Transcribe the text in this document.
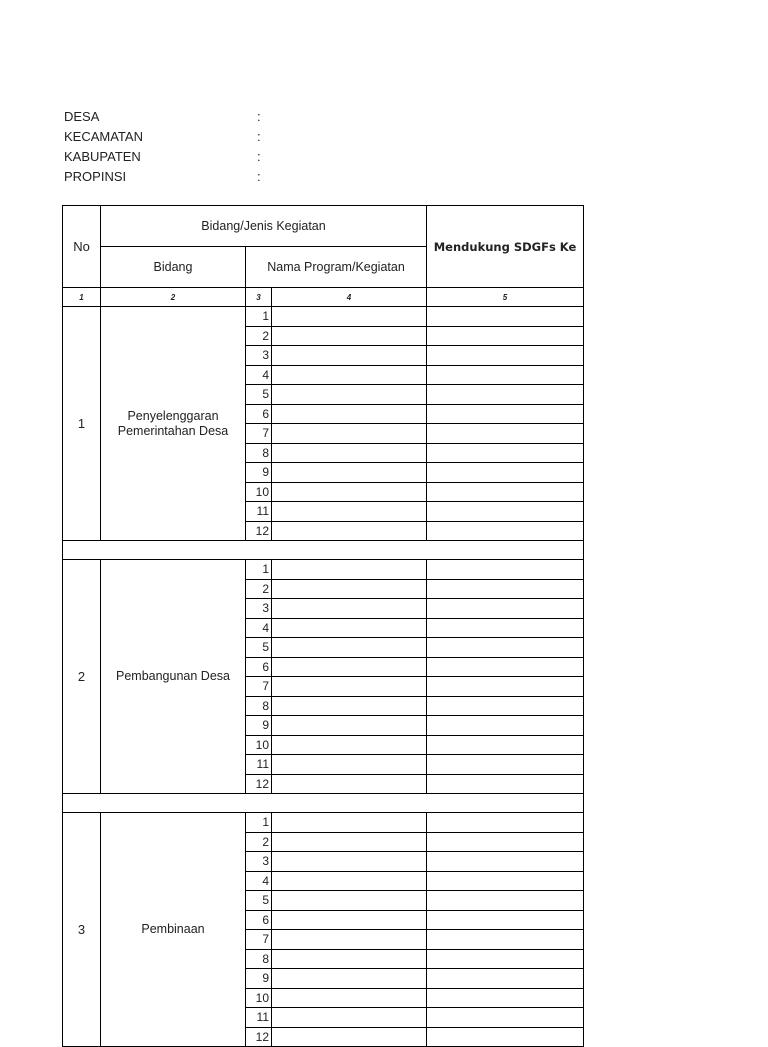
DESA	:
KECAMATAN	:
KABUPATEN	:
PROPINSI	:
No	Bidang/Jenis Kegiatan			Mendukung SDGFs Ke
	Bidang	Nama Program/Kegiatan		
1	2	3	4	5
1	Penyelenggaran Pemerintahan Desa	1		
		2		
		3		
		4		
		5		
		6		
		7		
		8		
		9		
		10		
		11		
		12		

2	Pembangunan Desa	1		
		2		
		3		
		4		
		5		
		6		
		7		
		8		
		9		
		10		
		11		
		12		

3	Pembinaan	1		
		2		
		3		
		4		
		5		
		6		
		7		
		8		
		9		
		10		
		11		
		12		
